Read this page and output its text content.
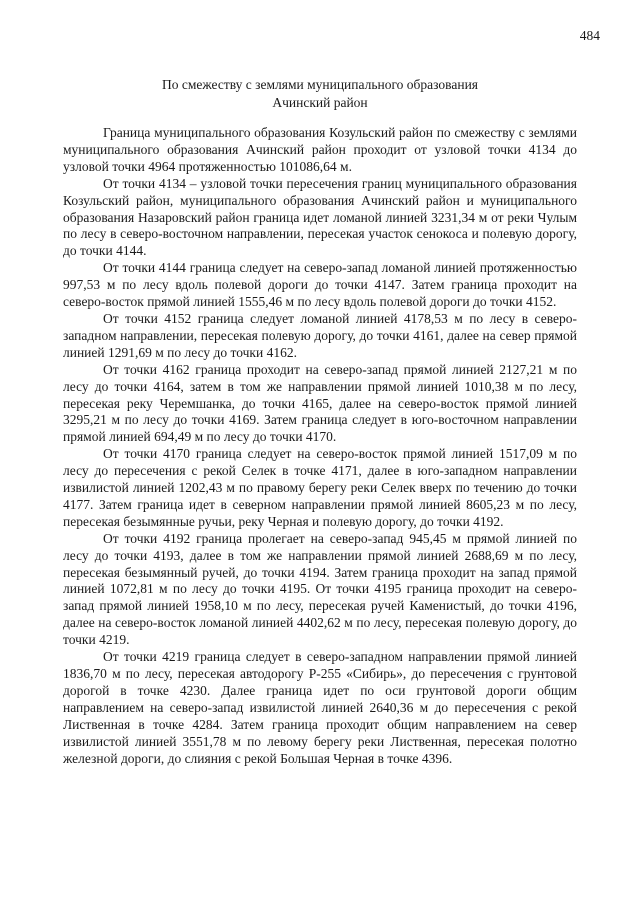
484
По смежеству с землями муниципального образования
Ачинский район

Граница муниципального образования Козульский район по смежеству с землями муниципального образования Ачинский район проходит от узловой точки 4134 до узловой точки 4964 протяженностью 101086,64 м.

От точки 4134 – узловой точки пересечения границ муниципального образования Козульский район, муниципального образования Ачинский район и муниципального образования Назаровский район граница идет ломаной линией 3231,34 м от реки Чулым по лесу в северо-восточном направлении, пересекая участок сенокоса и полевую дорогу, до точки 4144.

От точки 4144 граница следует на северо-запад ломаной линией протяженностью 997,53 м по лесу вдоль полевой дороги до точки 4147. Затем граница проходит на северо-восток прямой линией 1555,46 м по лесу вдоль полевой дороги до точки 4152.

От точки 4152 граница следует ломаной линией 4178,53 м по лесу в северо-западном направлении, пересекая полевую дорогу, до точки 4161, далее на север прямой линией 1291,69 м по лесу до точки 4162.

От точки 4162 граница проходит на северо-запад прямой линией 2127,21 м по лесу до точки 4164, затем в том же направлении прямой линией 1010,38 м по лесу, пересекая реку Черемшанка, до точки 4165, далее на северо-восток прямой линией 3295,21 м по лесу до точки 4169. Затем граница следует в юго-восточном направлении прямой линией 694,49 м по лесу до точки 4170.

От точки 4170 граница следует на северо-восток прямой линией 1517,09 м по лесу до пересечения с рекой Селек в точке 4171, далее в юго-западном направлении извилистой линией 1202,43 м по правому берегу реки Селек вверх по течению до точки 4177. Затем граница идет в северном направлении прямой линией 8605,23 м по лесу, пересекая безымянные ручьи, реку Черная и полевую дорогу, до точки 4192.

От точки 4192 граница пролегает на северо-запад 945,45 м прямой линией по лесу до точки 4193, далее в том же направлении прямой линией 2688,69 м по лесу, пересекая безымянный ручей, до точки 4194. Затем граница проходит на запад прямой линией 1072,81 м по лесу до точки 4195. От точки 4195 граница проходит на северо-запад прямой линией 1958,10 м по лесу, пересекая ручей Каменистый, до точки 4196, далее на северо-восток ломаной линией 4402,62 м по лесу, пересекая полевую дорогу, до точки 4219.

От точки 4219 граница следует в северо-западном направлении прямой линией 1836,70 м по лесу, пересекая автодорогу Р-255 «Сибирь», до пересечения с грунтовой дорогой в точке 4230. Далее граница идет по оси грунтовой дороги общим направлением на северо-запад извилистой линией 2640,36 м до пересечения с рекой Лиственная в точке 4284. Затем граница проходит общим направлением на север извилистой линией 3551,78 м по левому берегу реки Лиственная, пересекая полотно железной дороги, до слияния с рекой Большая Черная в точке 4396.
